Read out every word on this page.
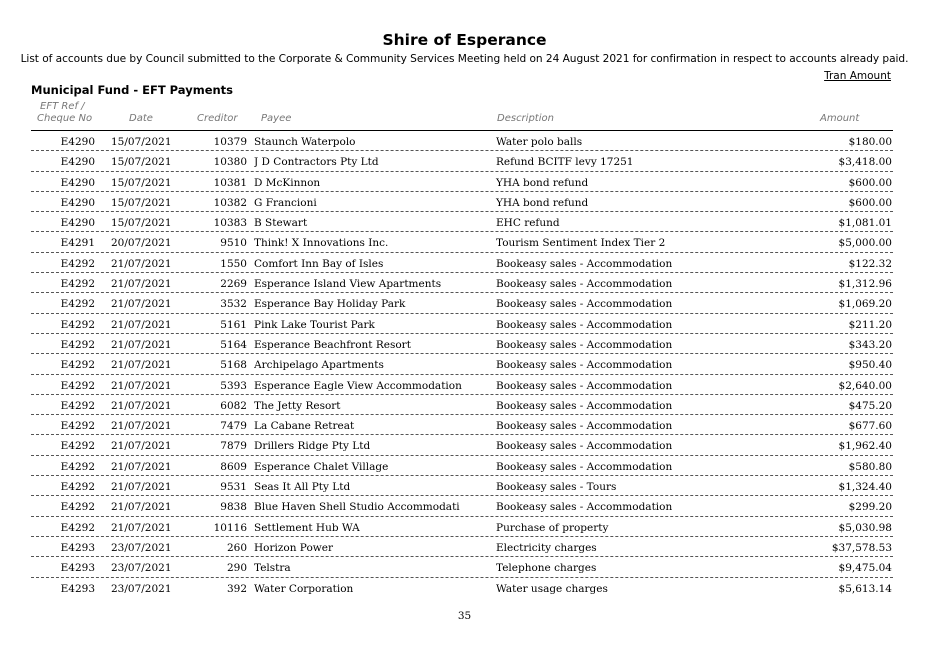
Shire of Esperance
List of accounts due by Council submitted to the Corporate & Community Services Meeting held on 24 August 2021 for confirmation in respect to accounts already paid.
Tran Amount
Municipal Fund - EFT Payments
EFT Ref /
Cheque No	Date	Creditor Payee	Description	Amount
E4290 15/07/2021	10379 Staunch Waterpolo	Water polo balls	$180.00
E4290 15/07/2021	10380 J D Contractors Pty Ltd	Refund BCITF levy 17251	$3,418.00
E4290 15/07/2021	10381 D McKinnon	YHA bond refund	$600.00
E4290 15/07/2021	10382 G Francioni	YHA bond refund	$600.00
E4290 15/07/2021	10383 B Stewart	EHC refund	$1,081.01
E4291 20/07/2021	9510 Think! X Innovations Inc.	Tourism Sentiment Index Tier 2	$5,000.00
E4292 21/07/2021	1550 Comfort Inn Bay of Isles	Bookeasy sales - Accommodation	$122.32
E4292 21/07/2021	2269 Esperance Island View Apartments	Bookeasy sales - Accommodation	$1,312.96
E4292 21/07/2021	3532 Esperance Bay Holiday Park	Bookeasy sales - Accommodation	$1,069.20
E4292 21/07/2021	5161 Pink Lake Tourist Park	Bookeasy sales - Accommodation	$211.20
E4292 21/07/2021	5164 Esperance Beachfront Resort	Bookeasy sales - Accommodation	$343.20
E4292 21/07/2021	5168 Archipelago Apartments	Bookeasy sales - Accommodation	$950.40
E4292 21/07/2021	5393 Esperance Eagle View Accommodation	Bookeasy sales - Accommodation	$2,640.00
E4292 21/07/2021	6082 The Jetty Resort	Bookeasy sales - Accommodation	$475.20
E4292 21/07/2021	7479 La Cabane Retreat	Bookeasy sales - Accommodation	$677.60
E4292 21/07/2021	7879 Drillers Ridge Pty Ltd	Bookeasy sales - Accommodation	$1,962.40
E4292 21/07/2021	8609 Esperance Chalet Village	Bookeasy sales - Accommodation	$580.80
E4292 21/07/2021	9531 Seas It All Pty Ltd	Bookeasy sales - Tours	$1,324.40
E4292 21/07/2021	9838 Blue Haven Shell Studio Accommodati	Bookeasy sales - Accommodation	$299.20
E4292 21/07/2021	10116 Settlement Hub WA	Purchase of property	$5,030.98
E4293 23/07/2021	260 Horizon Power	Electricity charges	$37,578.53
E4293 23/07/2021	290 Telstra	Telephone charges	$9,475.04
E4293 23/07/2021	392 Water Corporation	Water usage charges	$5,613.14
35
